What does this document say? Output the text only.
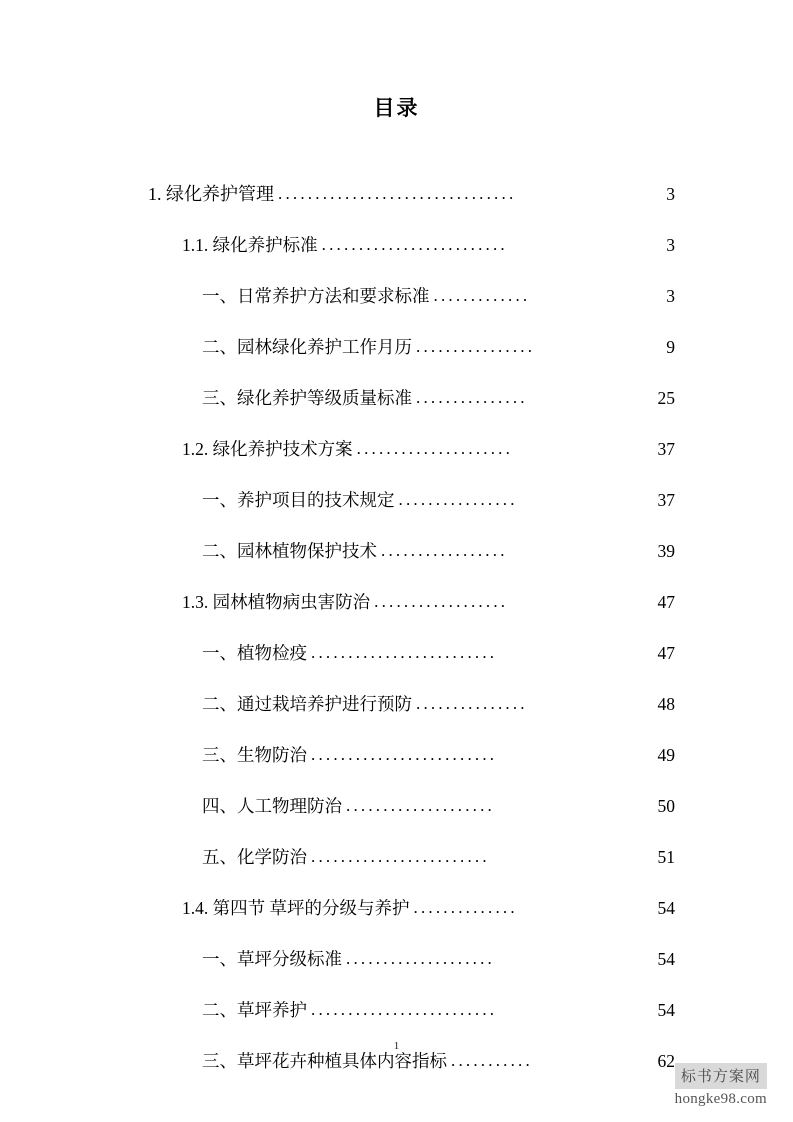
目录
1. 绿化养护管理 ................................	3
1.1. 绿化养护标准 .........................	3
一、日常养护方法和要求标准 .............	3
二、园林绿化养护工作月历 ................	9
三、绿化养护等级质量标准 ...............	25
1.2. 绿化养护技术方案 .....................	37
一、养护项目的技术规定 ................	37
二、园林植物保护技术 .................	39
1.3. 园林植物病虫害防治 ..................	47
一、植物检疫 .........................	47
二、通过栽培养护进行预防 ...............	48
三、生物防治 .........................	49
四、人工物理防治 ....................	50
五、化学防治 ........................	51
1.4. 第四节 草坪的分级与养护 ..............	54
一、草坪分级标准 ....................	54
二、草坪养护 .........................	54
三、草坪花卉种植具体内容指标 ...........	62
1
标书方案网
hongke98.com
